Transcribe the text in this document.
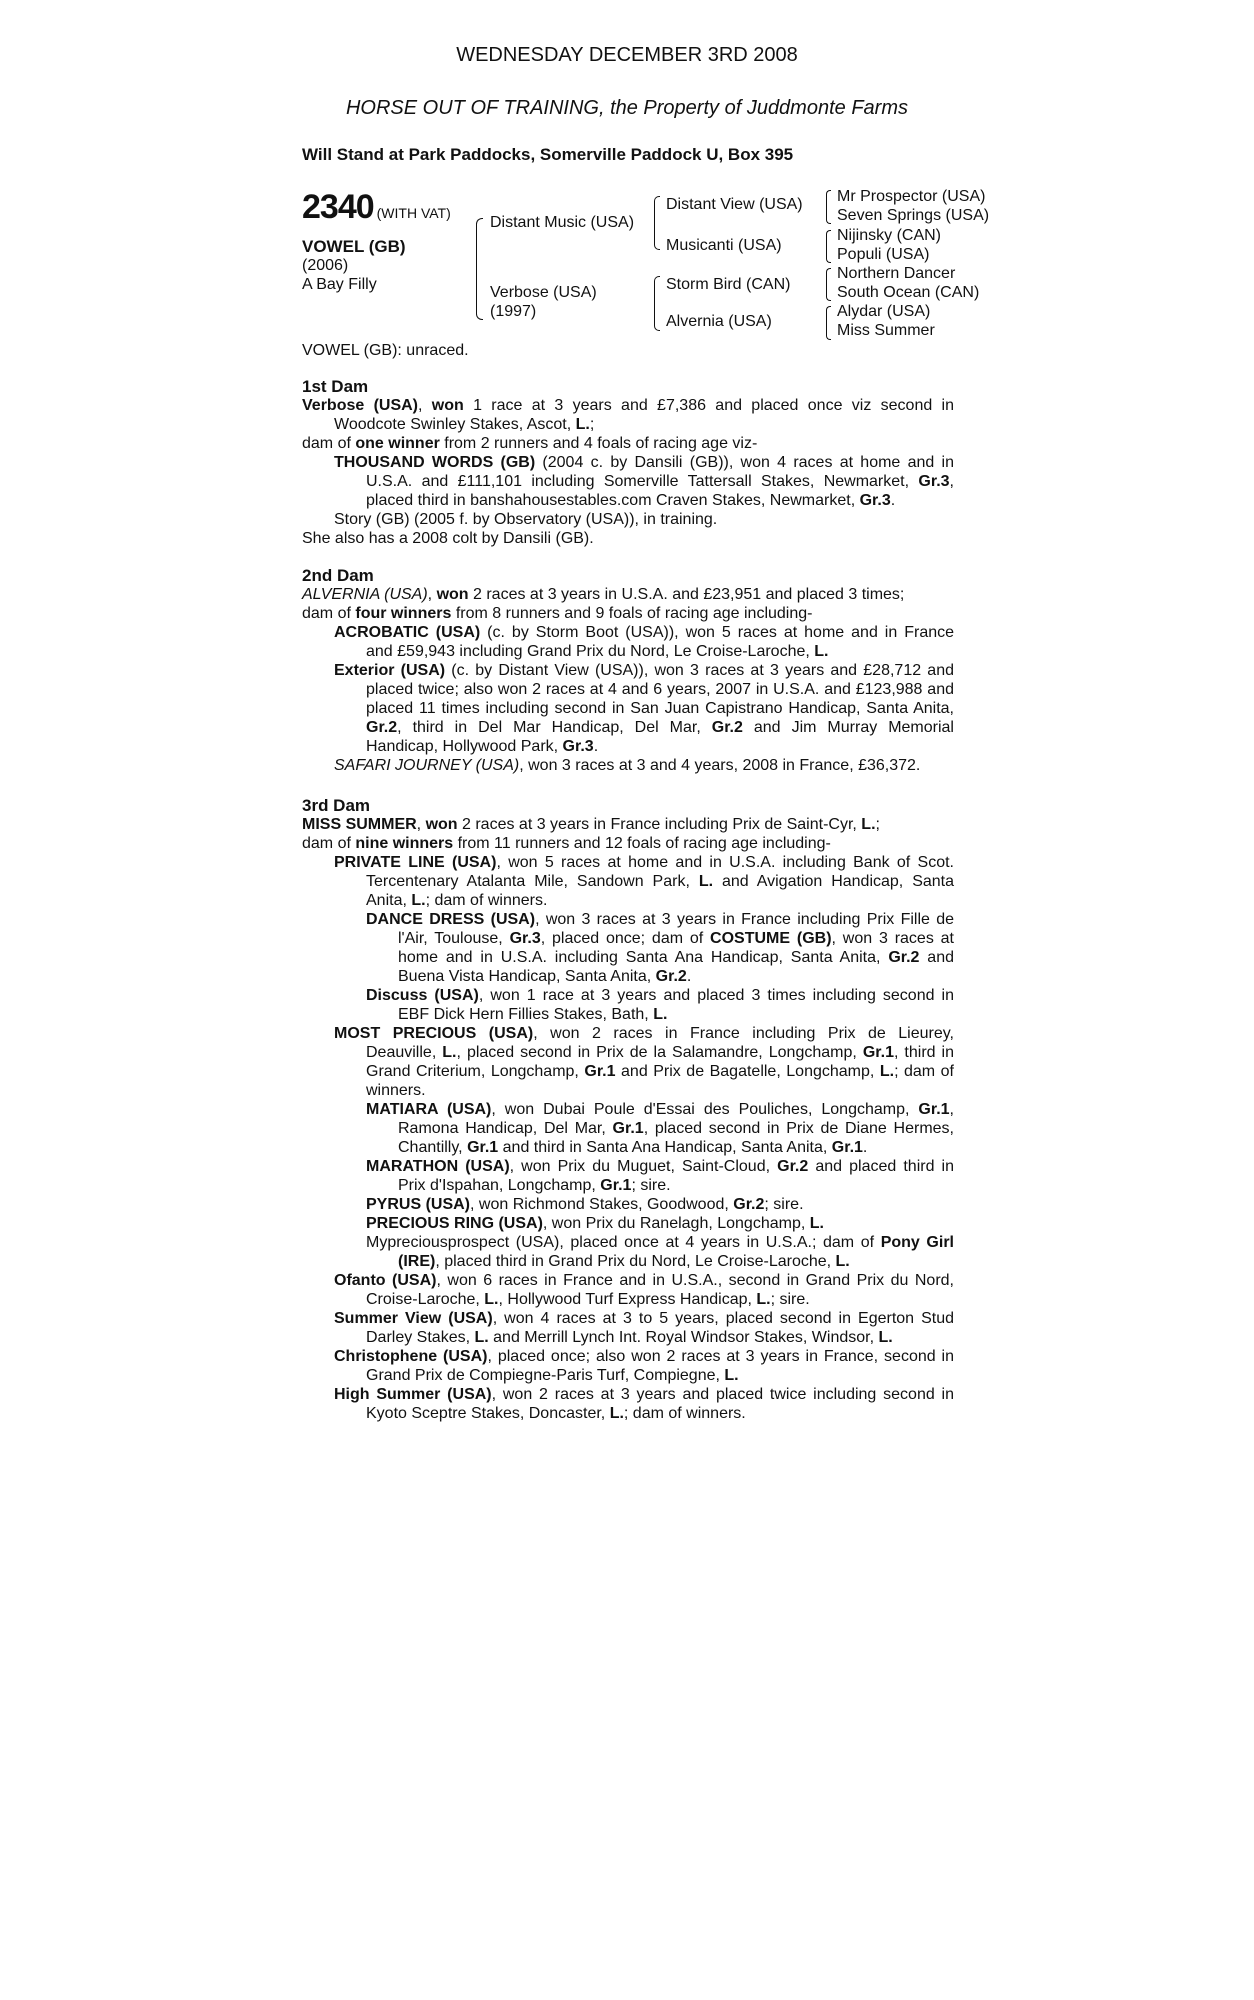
WEDNESDAY DECEMBER 3RD 2008
HORSE OUT OF TRAINING, the Property of Juddmonte Farms
Will Stand at Park Paddocks, Somerville Paddock U, Box 395
2340 (WITH VAT)
VOWEL (GB)
(2006)
A Bay Filly
Distant Music (USA)
Verbose (USA)
(1997)
Distant View (USA)
Musicanti (USA)
Storm Bird (CAN)
Alvernia (USA)
Mr Prospector (USA)
Seven Springs (USA)
Nijinsky (CAN)
Populi (USA)
Northern Dancer
South Ocean (CAN)
Alydar (USA)
Miss Summer
VOWEL (GB): unraced.
1st Dam
Verbose (USA), won 1 race at 3 years and £7,386 and placed once viz second in
Woodcote Swinley Stakes, Ascot, L.;
dam of one winner from 2 runners and 4 foals of racing age viz-
THOUSAND WORDS (GB) (2004 c. by Dansili (GB)), won 4 races at home and in
U.S.A. and £111,101 including Somerville Tattersall Stakes, Newmarket, Gr.3,
placed third in banshahousestables.com Craven Stakes, Newmarket, Gr.3.
Story (GB) (2005 f. by Observatory (USA)), in training.
She also has a 2008 colt by Dansili (GB).
2nd Dam
ALVERNIA (USA), won 2 races at 3 years in U.S.A. and £23,951 and placed 3 times;
dam of four winners from 8 runners and 9 foals of racing age including-
ACROBATIC (USA) (c. by Storm Boot (USA)), won 5 races at home and in France
and £59,943 including Grand Prix du Nord, Le Croise-Laroche, L.
Exterior (USA) (c. by Distant View (USA)), won 3 races at 3 years and £28,712 and
placed twice; also won 2 races at 4 and 6 years, 2007 in U.S.A. and £123,988 and
placed 11 times including second in San Juan Capistrano Handicap, Santa Anita,
Gr.2, third in Del Mar Handicap, Del Mar, Gr.2 and Jim Murray Memorial
Handicap, Hollywood Park, Gr.3.
SAFARI JOURNEY (USA), won 3 races at 3 and 4 years, 2008 in France, £36,372.
3rd Dam
MISS SUMMER, won 2 races at 3 years in France including Prix de Saint-Cyr, L.;
dam of nine winners from 11 runners and 12 foals of racing age including-
PRIVATE LINE (USA), won 5 races at home and in U.S.A. including Bank of Scot.
Tercentenary Atalanta Mile, Sandown Park, L. and Avigation Handicap, Santa
Anita, L.; dam of winners.
DANCE DRESS (USA), won 3 races at 3 years in France including Prix Fille de
l'Air, Toulouse, Gr.3, placed once; dam of COSTUME (GB), won 3 races at
home and in U.S.A. including Santa Ana Handicap, Santa Anita, Gr.2 and
Buena Vista Handicap, Santa Anita, Gr.2.
Discuss (USA), won 1 race at 3 years and placed 3 times including second in
EBF Dick Hern Fillies Stakes, Bath, L.
MOST PRECIOUS (USA), won 2 races in France including Prix de Lieurey,
Deauville, L., placed second in Prix de la Salamandre, Longchamp, Gr.1, third in
Grand Criterium, Longchamp, Gr.1 and Prix de Bagatelle, Longchamp, L.; dam of
winners.
MATIARA (USA), won Dubai Poule d'Essai des Pouliches, Longchamp, Gr.1,
Ramona Handicap, Del Mar, Gr.1, placed second in Prix de Diane Hermes,
Chantilly, Gr.1 and third in Santa Ana Handicap, Santa Anita, Gr.1.
MARATHON (USA), won Prix du Muguet, Saint-Cloud, Gr.2 and placed third in
Prix d'Ispahan, Longchamp, Gr.1; sire.
PYRUS (USA), won Richmond Stakes, Goodwood, Gr.2; sire.
PRECIOUS RING (USA), won Prix du Ranelagh, Longchamp, L.
Mypreciousprospect (USA), placed once at 4 years in U.S.A.; dam of Pony Girl
(IRE), placed third in Grand Prix du Nord, Le Croise-Laroche, L.
Ofanto (USA), won 6 races in France and in U.S.A., second in Grand Prix du Nord,
Croise-Laroche, L., Hollywood Turf Express Handicap, L.; sire.
Summer View (USA), won 4 races at 3 to 5 years, placed second in Egerton Stud
Darley Stakes, L. and Merrill Lynch Int. Royal Windsor Stakes, Windsor, L.
Christophene (USA), placed once; also won 2 races at 3 years in France, second in
Grand Prix de Compiegne-Paris Turf, Compiegne, L.
High Summer (USA), won 2 races at 3 years and placed twice including second in
Kyoto Sceptre Stakes, Doncaster, L.; dam of winners.
